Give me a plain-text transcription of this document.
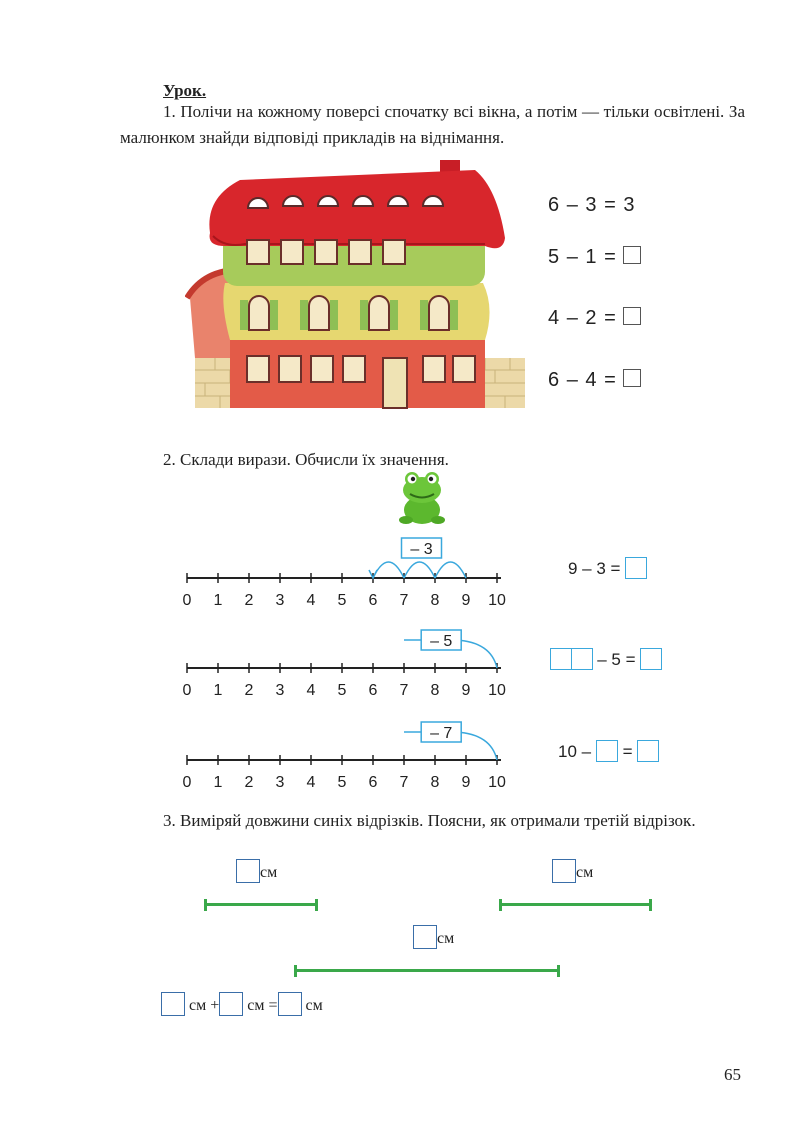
Урок.
1. Полічи на кожному поверсі спочатку всі вікна, а потім — тільки освітлені. За малюнком знайди відповіді прикладів на віднімання.
6 – 3 = 3
5 – 1 =
4 – 2 =
6 – 4 =
2. Склади вирази. Обчисли їх значення.
0 1 2 3 4 5 6 7 8 9 10
– 3
0 1 2 3 4 5 6 7 8 9 10
– 5
0 1 2 3 4 5 6 7 8 9 10
– 7
9 – 3 =
– 5 =
10 – =
3. Виміряй довжини синіх відрізків. Поясни, як отримали третій відрізок.
см	см
см
см + см = см
65
